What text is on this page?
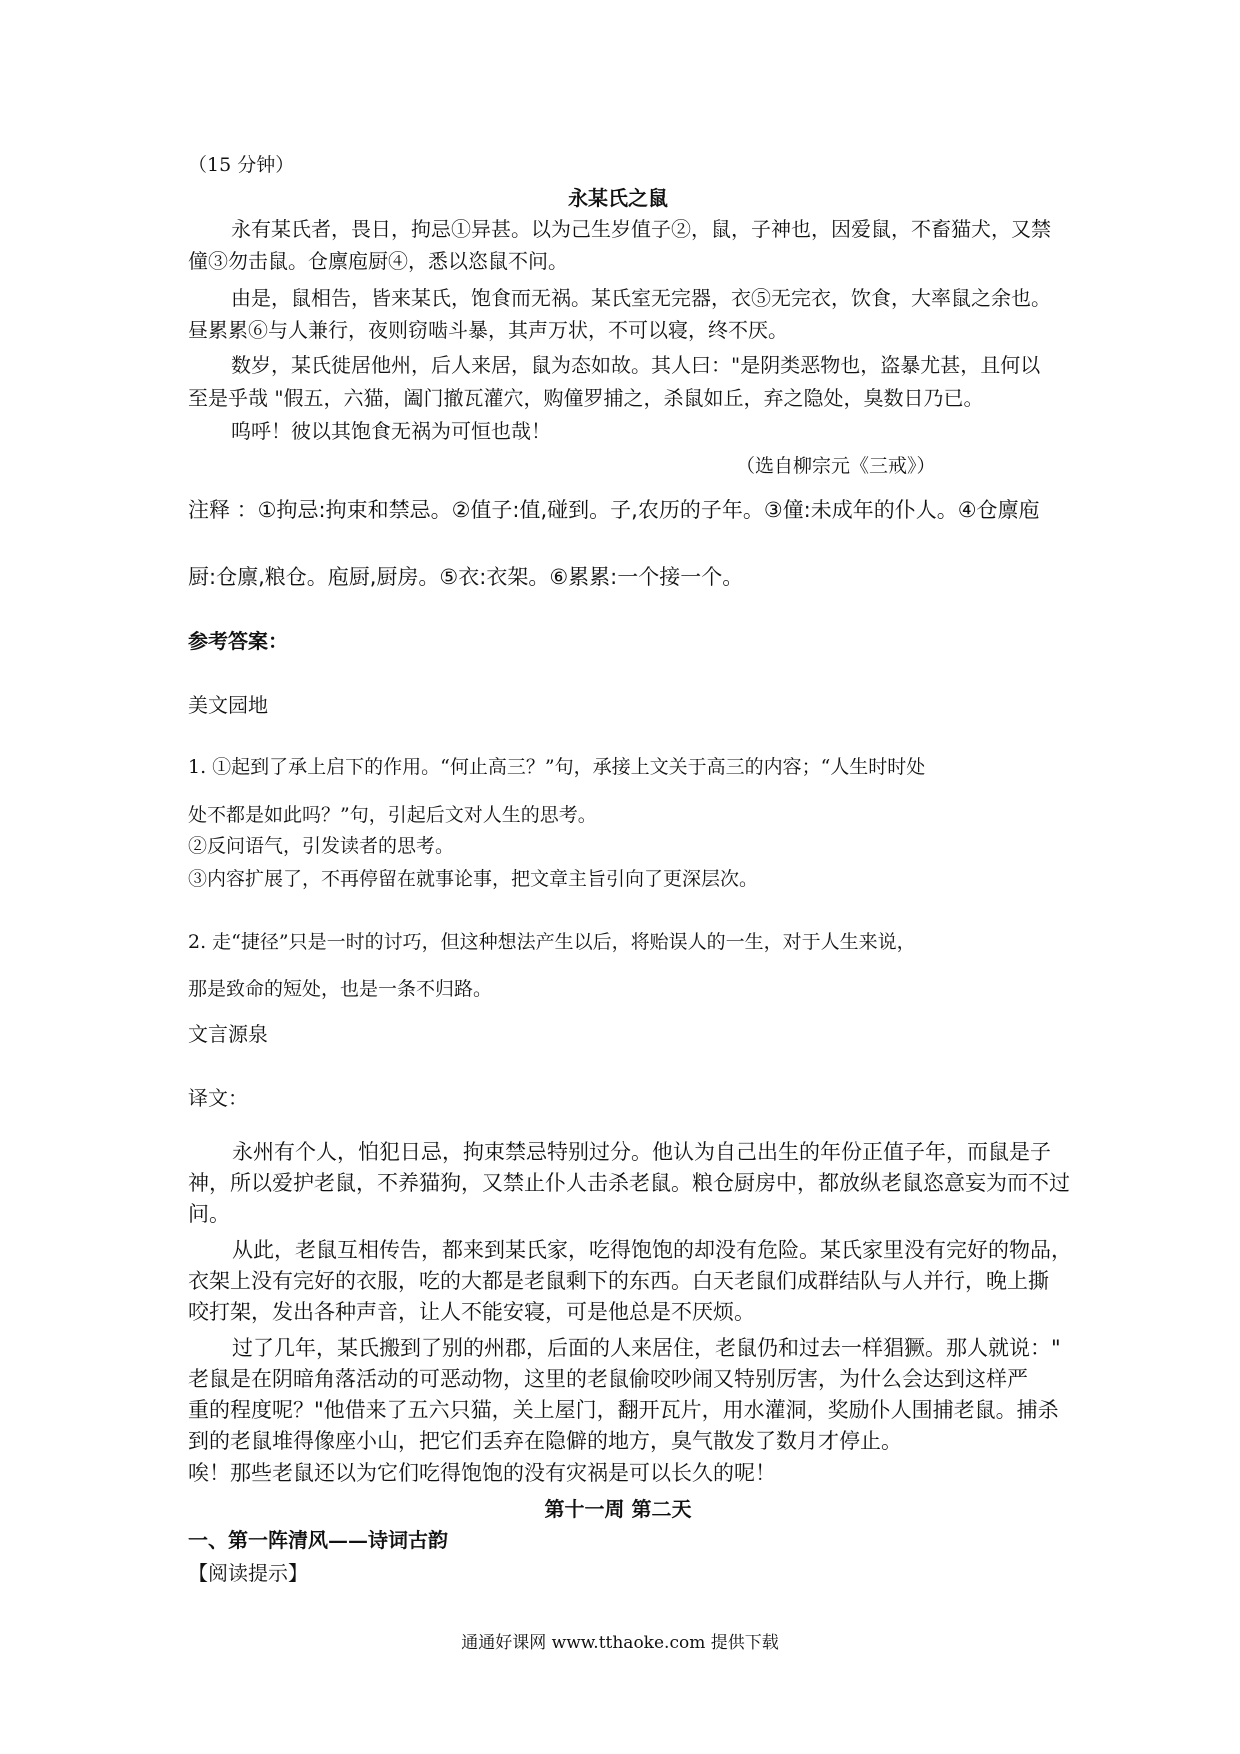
（15 分钟）
永某氏之鼠
永有某氏者，畏日，拘忌①异甚。以为己生岁值子②，鼠，子神也，因爱鼠，不畜猫犬，又禁
僮③勿击鼠。仓廪庖厨④，悉以恣鼠不问。
由是，鼠相告，皆来某氏，饱食而无祸。某氏室无完器，衣⑤无完衣，饮食，大率鼠之余也。
昼累累⑥与人兼行，夜则窃啮斗暴，其声万状，不可以寝，终不厌。
数岁，某氏徙居他州，后人来居，鼠为态如故。其人曰："是阴类恶物也，盗暴尤甚，且何以
至是乎哉 "假五，六猫，阖门撤瓦灌穴，购僮罗捕之，杀鼠如丘，弃之隐处，臭数日乃已。
呜呼！彼以其饱食无祸为可恒也哉！
（选自柳宗元《三戒》）
注释 ：①拘忌:拘束和禁忌。②值子:值,碰到。子,农历的子年。③僮:未成年的仆人。④仓廪庖
厨:仓廪,粮仓。庖厨,厨房。⑤衣:衣架。⑥累累:一个接一个。
参考答案：
美文园地
1. ①起到了承上启下的作用。“何止高三？”句，承接上文关于高三的内容；“人生时时处
处不都是如此吗？”句，引起后文对人生的思考。
②反问语气，引发读者的思考。
③内容扩展了，不再停留在就事论事，把文章主旨引向了更深层次。
2. 走“捷径”只是一时的讨巧，但这种想法产生以后，将贻误人的一生，对于人生来说，
那是致命的短处，也是一条不归路。
文言源泉
译文：
永州有个人，怕犯日忌，拘束禁忌特别过分。他认为自己出生的年份正值子年，而鼠是子
神，所以爱护老鼠，不养猫狗，又禁止仆人击杀老鼠。粮仓厨房中，都放纵老鼠恣意妄为而不过
问。
从此，老鼠互相传告，都来到某氏家，吃得饱饱的却没有危险。某氏家里没有完好的物品，
衣架上没有完好的衣服，吃的大都是老鼠剩下的东西。白天老鼠们成群结队与人并行，晚上撕
咬打架，发出各种声音，让人不能安寝，可是他总是不厌烦。
过了几年，某氏搬到了别的州郡，后面的人来居住，老鼠仍和过去一样猖獗。那人就说："
老鼠是在阴暗角落活动的可恶动物，这里的老鼠偷咬吵闹又特别厉害，为什么会达到这样严
重的程度呢？"他借来了五六只猫，关上屋门，翻开瓦片，用水灌洞，奖励仆人围捕老鼠。捕杀
到的老鼠堆得像座小山，把它们丢弃在隐僻的地方，臭气散发了数月才停止。
唉！那些老鼠还以为它们吃得饱饱的没有灾祸是可以长久的呢！
第十一周 第二天
一、第一阵清风——诗词古韵
【阅读提示】
通通好课网 www.tthaoke.com 提供下载
